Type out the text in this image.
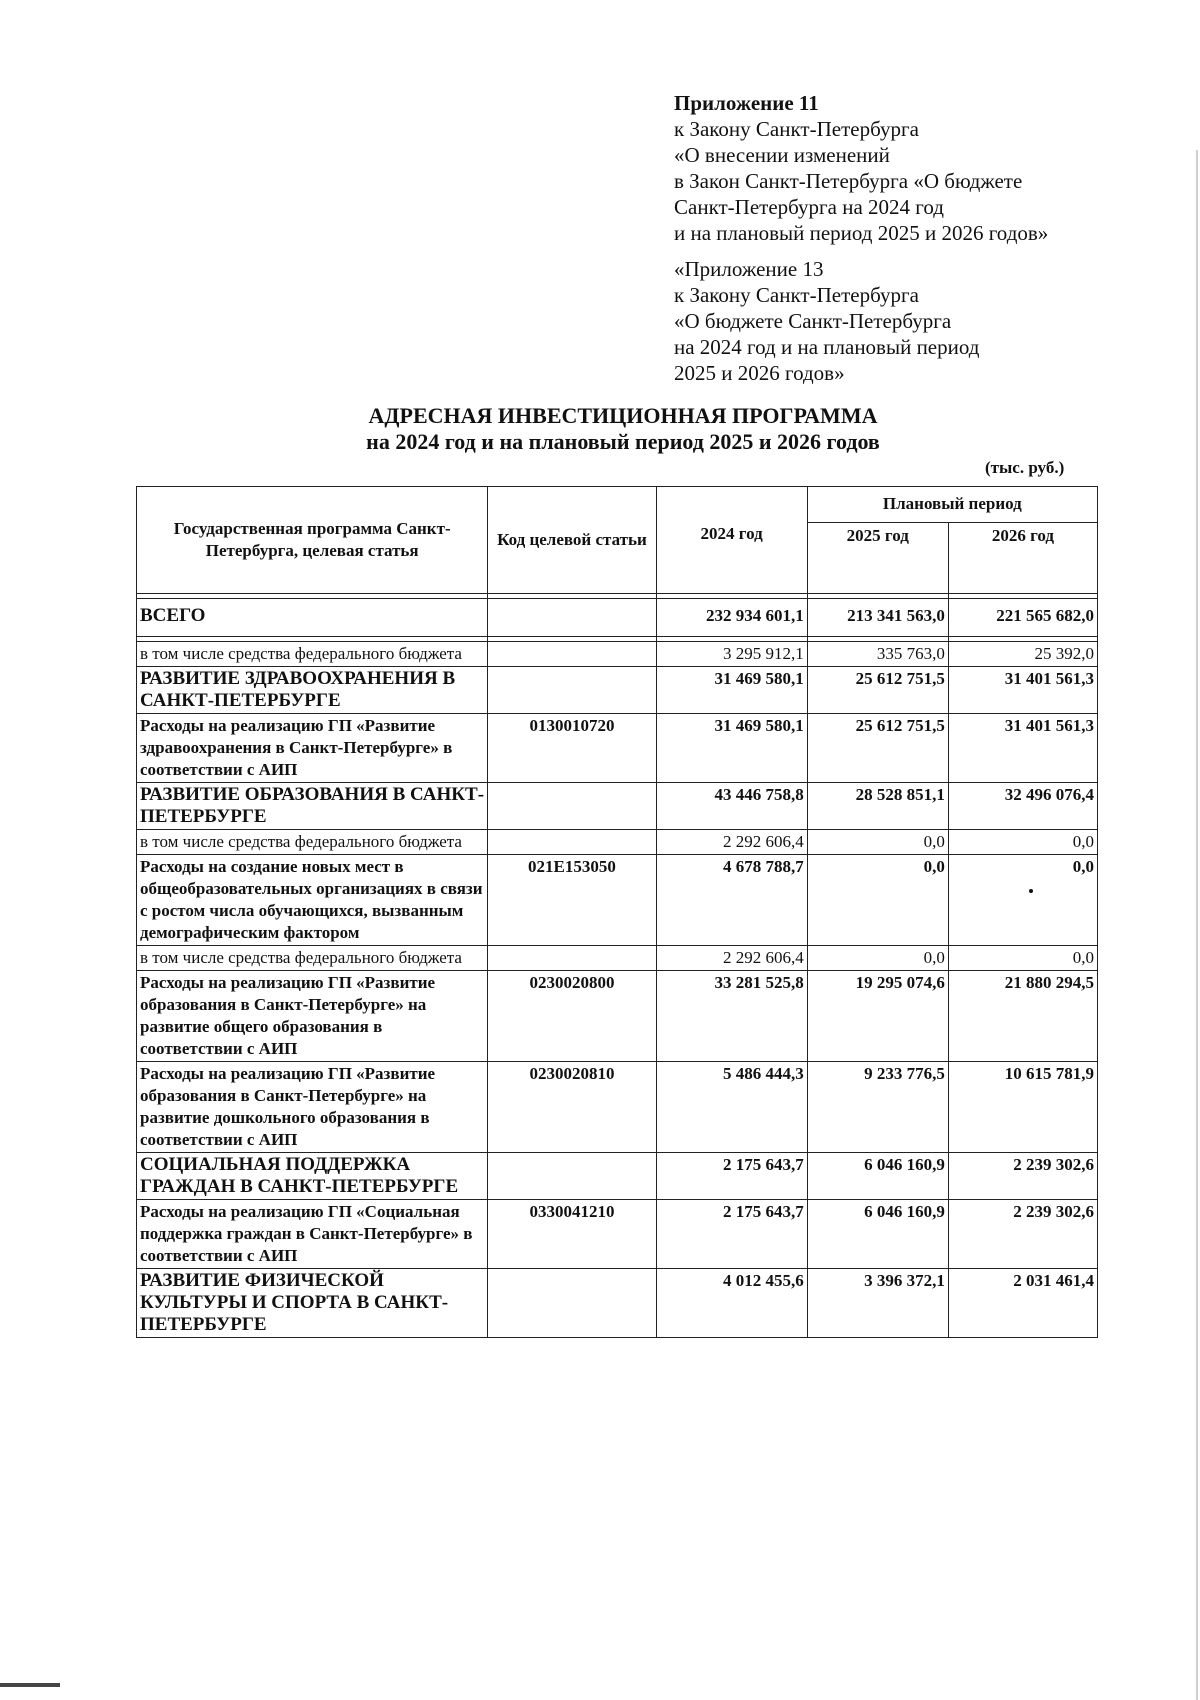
Приложение 11
к Закону Санкт-Петербурга
«О внесении изменений
в Закон Санкт-Петербурга «О бюджете
Санкт-Петербурга на 2024 год
и на плановый период 2025 и 2026 годов»
«Приложение 13
к Закону Санкт-Петербурга
«О бюджете Санкт-Петербурга
на 2024 год и на плановый период
2025 и 2026 годов»
АДРЕСНАЯ ИНВЕСТИЦИОННАЯ ПРОГРАММА
на 2024 год и на плановый период 2025 и 2026 годов
(тыс. руб.)
Государственная программа Санкт-Петербурга, целевая статья	Код целевой статьи	2024 год	Плановый период	
			2025 год	2026 год

ВСЕГО		232 934 601,1	213 341 563,0	221 565 682,0

в том числе средства федерального бюджета		3 295 912,1	335 763,0	25 392,0
РАЗВИТИЕ ЗДРАВООХРАНЕНИЯ В САНКТ-ПЕТЕРБУРГЕ		31 469 580,1	25 612 751,5	31 401 561,3
Расходы на реализацию ГП «Развитие здравоохранения в Санкт-Петербурге» в соответствии с АИП	0130010720	31 469 580,1	25 612 751,5	31 401 561,3
РАЗВИТИЕ ОБРАЗОВАНИЯ В САНКТ-ПЕТЕРБУРГЕ		43 446 758,8	28 528 851,1	32 496 076,4
в том числе средства федерального бюджета		2 292 606,4	0,0	0,0
Расходы на создание новых мест в общеобразовательных организациях в связи с ростом числа обучающихся, вызванным демографическим фактором	021E153050	4 678 788,7	0,0	0,0
в том числе средства федерального бюджета		2 292 606,4	0,0	0,0
Расходы на реализацию ГП «Развитие образования в Санкт-Петербурге» на развитие общего образования в соответствии с АИП	0230020800	33 281 525,8	19 295 074,6	21 880 294,5
Расходы на реализацию ГП «Развитие образования в Санкт-Петербурге» на развитие дошкольного образования в соответствии с АИП	0230020810	5 486 444,3	9 233 776,5	10 615 781,9
СОЦИАЛЬНАЯ ПОДДЕРЖКА ГРАЖДАН В САНКТ-ПЕТЕРБУРГЕ		2 175 643,7	6 046 160,9	2 239 302,6
Расходы на реализацию ГП «Социальная поддержка граждан в Санкт-Петербурге» в соответствии с АИП	0330041210	2 175 643,7	6 046 160,9	2 239 302,6
РАЗВИТИЕ ФИЗИЧЕСКОЙ КУЛЬТУРЫ И СПОРТА В САНКТ-ПЕТЕРБУРГЕ		4 012 455,6	3 396 372,1	2 031 461,4
